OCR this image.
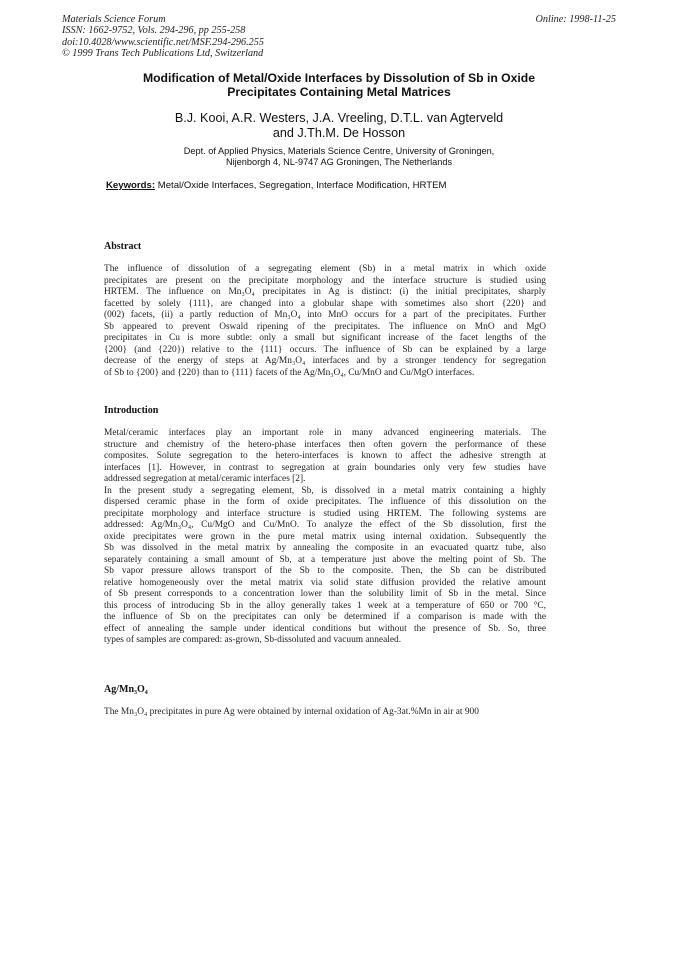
Materials Science Forum
ISSN: 1662-9752, Vols. 294-296, pp 255-258
doi:10.4028/www.scientific.net/MSF.294-296.255
© 1999 Trans Tech Publications Ltd, Switzerland
Online: 1998-11-25
Modification of Metal/Oxide Interfaces by Dissolution of Sb in Oxide
Precipitates Containing Metal Matrices
B.J. Kooi, A.R. Westers, J.A. Vreeling, D.T.L. van Agterveld
and J.Th.M. De Hosson
Dept. of Applied Physics, Materials Science Centre, University of Groningen,
Nijenborgh 4, NL-9747 AG Groningen, The Netherlands
Keywords: Metal/Oxide Interfaces, Segregation, Interface Modification, HRTEM
Abstract
The influence of dissolution of a segregating element (Sb) in a metal matrix in which oxide
precipitates are present on the precipitate morphology and the interface structure is studied using
HRTEM. The influence on Mn₃O₄ precipitates in Ag is distinct: (i) the initial precipitates, sharply
facetted by solely {111}, are changed into a globular shape with sometimes also short {220} and
(002) facets, (ii) a partly reduction of Mn₃O₄ into MnO occurs for a part of the precipitates. Further
Sb appeared to prevent Oswald ripening of the precipitates. The influence on MnO and MgO
precipitates in Cu is more subtle: only a small but significant increase of the facet lengths of the
{200} (and {220}) relative to the {111} occurs. The influence of Sb can be explained by a large
decrease of the energy of steps at Ag/Mn₃O₄ interfaces and by a stronger tendency for segregation
of Sb to {200} and {220} than to {111} facets of the Ag/Mn₃O₄, Cu/MnO and Cu/MgO interfaces.
Introduction
Metal/ceramic interfaces play an important role in many advanced engineering materials. The
structure and chemistry of the hetero-phase interfaces then often govern the performance of these
composites. Solute segregation to the hetero-interfaces is known to affect the adhesive strength at
interfaces [1]. However, in contrast to segregation at grain boundaries only very few studies have
addressed segregation at metal/ceramic interfaces [2].
In the present study a segregating element, Sb, is dissolved in a metal matrix containing a highly
dispersed ceramic phase in the form of oxide precipitates. The influence of this dissolution on the
precipitate morphology and interface structure is studied using HRTEM. The following systems are
addressed: Ag/Mn₃O₄, Cu/MgO and Cu/MnO. To analyze the effect of the Sb dissolution, first the
oxide precipitates were grown in the pure metal matrix using internal oxidation. Subsequently the
Sb was dissolved in the metal matrix by annealing the composite in an evacuated quartz tube, also
separately containing a small amount of Sb, at a temperature just above the melting point of Sb. The
Sb vapor pressure allows transport of the Sb to the composite. Then, the Sb can be distributed
relative homogeneously over the metal matrix via solid state diffusion provided the relative amount
of Sb present corresponds to a concentration lower than the solubility limit of Sb in the metal. Since
this process of introducing Sb in the alloy generally takes 1 week at a temperature of 650 or 700 °C,
the influence of Sb on the precipitates can only be determined if a comparison is made with the
effect of annealing the sample under identical conditions but without the presence of Sb. So, three
types of samples are compared: as-grown, Sb-dissoluted and vacuum annealed.
Ag/Mn₃O₄
The Mn₃O₄ precipitates in pure Ag were obtained by internal oxidation of Ag-3at.%Mn in air at 900
